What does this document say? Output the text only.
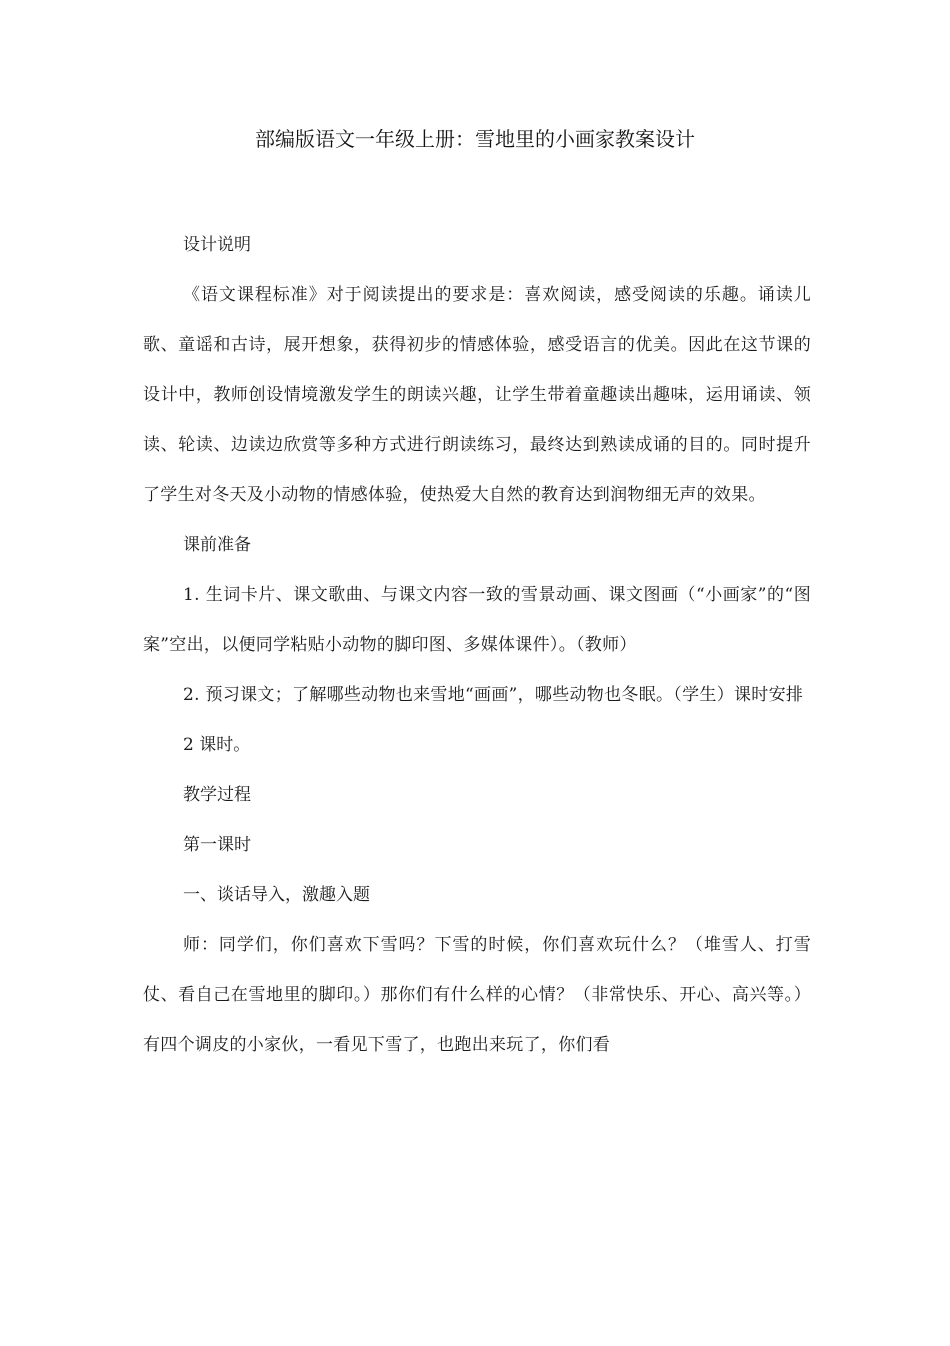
部编版语文一年级上册：雪地里的小画家教案设计

设计说明

《语文课程标准》对于阅读提出的要求是：喜欢阅读，感受阅读的乐趣。诵读儿歌、童谣和古诗，展开想象，获得初步的情感体验，感受语言的优美。因此在这节课的设计中，教师创设情境激发学生的朗读兴趣，让学生带着童趣读出趣味，运用诵读、领读、轮读、边读边欣赏等多种方式进行朗读练习，最终达到熟读成诵的目的。同时提升了学生对冬天及小动物的情感体验，使热爱大自然的教育达到润物细无声的效果。

课前准备

1. 生词卡片、课文歌曲、与课文内容一致的雪景动画、课文图画（“小画家”的“图案”空出，以便同学粘贴小动物的脚印图、多媒体课件）。（教师）

2. 预习课文；了解哪些动物也来雪地“画画”，哪些动物也冬眠。（学生）课时安排

2 课时。

教学过程

第一课时

一、谈话导入，激趣入题

师：同学们，你们喜欢下雪吗？下雪的时候，你们喜欢玩什么？（堆雪人、打雪仗、看自己在雪地里的脚印。）那你们有什么样的心情？（非常快乐、开心、高兴等。）有四个调皮的小家伙，一看见下雪了，也跑出来玩了，你们看
